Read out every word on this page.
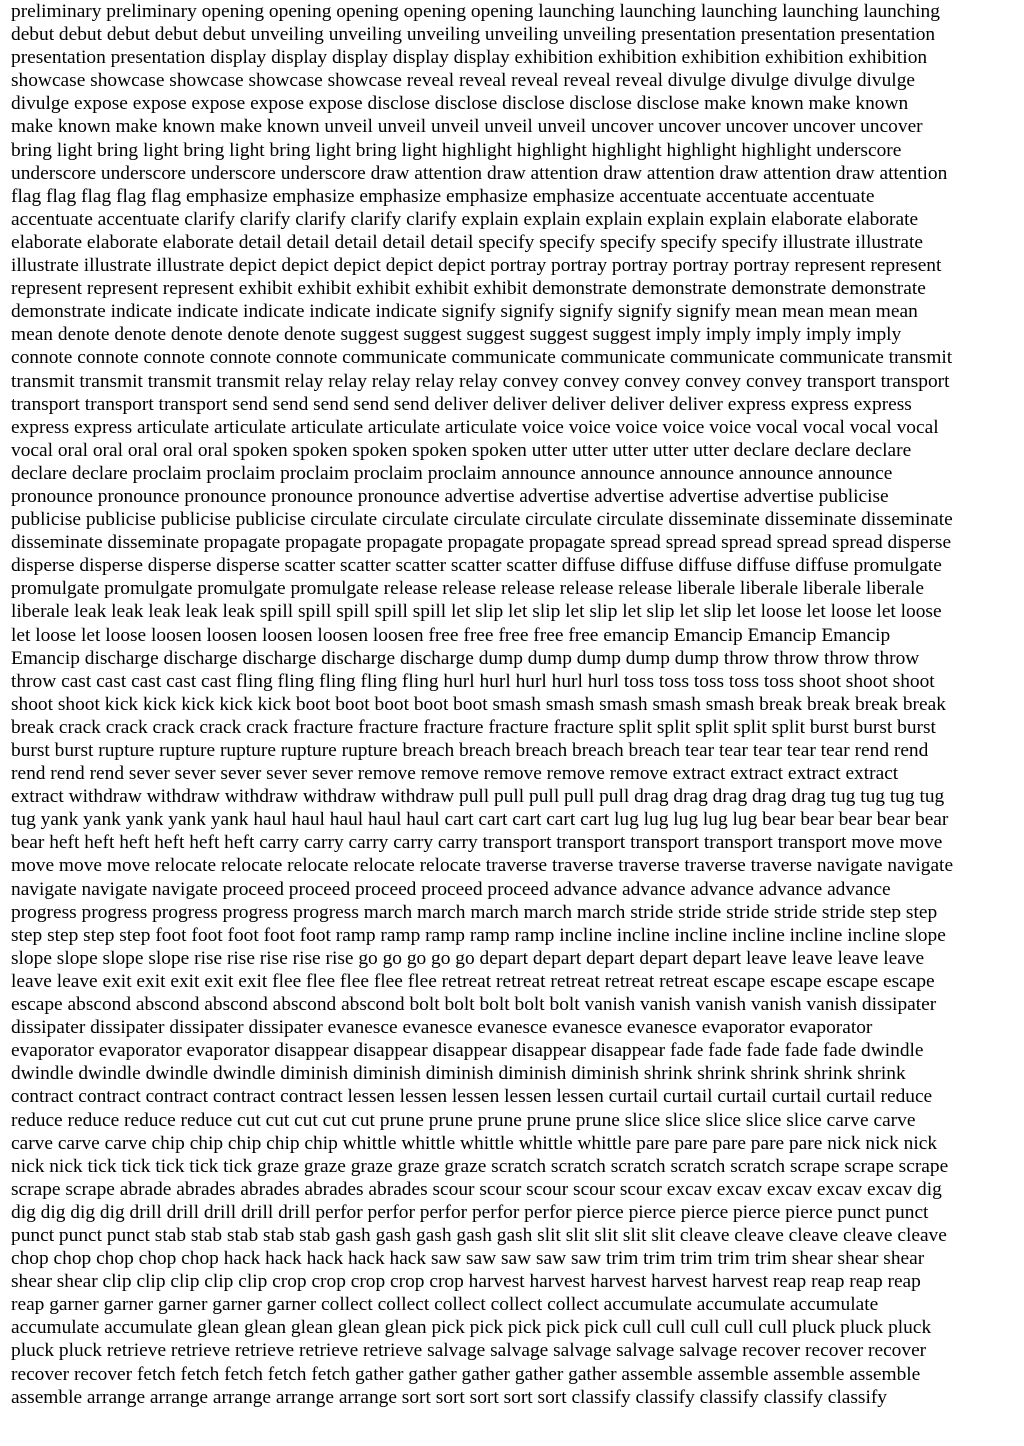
preliminary preliminary opening opening opening opening opening launching launching launching launching launching
debut debut debut debut debut unveiling unveiling unveiling unveiling unveiling presentation presentation presentation
presentation presentation display display display display display exhibition exhibition exhibition exhibition exhibition
showcase showcase showcase showcase showcase reveal reveal reveal reveal reveal divulge divulge divulge divulge
divulge expose expose expose expose expose disclose disclose disclose disclose disclose make known make known
make known make known make known unveil unveil unveil unveil unveil uncover uncover uncover uncover uncover
bring light bring light bring light bring light bring light highlight highlight highlight highlight highlight underscore
underscore underscore underscore underscore draw attention draw attention draw attention draw attention draw attention
flag flag flag flag flag emphasize emphasize emphasize emphasize emphasize accentuate accentuate accentuate
accentuate accentuate clarify clarify clarify clarify clarify explain explain explain explain explain elaborate elaborate
elaborate elaborate elaborate detail detail detail detail detail specify specify specify specify specify illustrate illustrate
illustrate illustrate illustrate depict depict depict depict depict portray portray portray portray portray represent represent
represent represent represent exhibit exhibit exhibit exhibit exhibit demonstrate demonstrate demonstrate demonstrate
demonstrate indicate indicate indicate indicate indicate signify signify signify signify signify mean mean mean mean
mean denote denote denote denote denote suggest suggest suggest suggest suggest imply imply imply imply imply
connote connote connote connote connote communicate communicate communicate communicate communicate transmit
transmit transmit transmit transmit relay relay relay relay relay convey convey convey convey convey transport transport
transport transport transport send send send send send deliver deliver deliver deliver deliver express express express
express express articulate articulate articulate articulate articulate voice voice voice voice voice vocal vocal vocal vocal
vocal oral oral oral oral oral spoken spoken spoken spoken spoken utter utter utter utter utter declare declare declare
declare declare proclaim proclaim proclaim proclaim proclaim announce announce announce announce announce
pronounce pronounce pronounce pronounce pronounce advertise advertise advertise advertise advertise publicise
publicise publicise publicise publicise circulate circulate circulate circulate circulate disseminate disseminate disseminate
disseminate disseminate propagate propagate propagate propagate propagate spread spread spread spread spread disperse
disperse disperse disperse disperse scatter scatter scatter scatter scatter diffuse diffuse diffuse diffuse diffuse promulgate
promulgate promulgate promulgate promulgate release release release release release liberale liberale liberale liberale
liberale leak leak leak leak leak spill spill spill spill spill let slip let slip let slip let slip let slip let loose let loose let loose
let loose let loose loosen loosen loosen loosen loosen free free free free free emancip Emancip Emancip Emancip
Emancip discharge discharge discharge discharge discharge dump dump dump dump dump throw throw throw throw
throw cast cast cast cast cast fling fling fling fling fling hurl hurl hurl hurl hurl toss toss toss toss toss shoot shoot shoot
shoot shoot kick kick kick kick kick boot boot boot boot boot smash smash smash smash smash break break break break
break crack crack crack crack crack fracture fracture fracture fracture fracture split split split split split burst burst burst
burst burst rupture rupture rupture rupture rupture breach breach breach breach breach tear tear tear tear tear rend rend
rend rend rend sever sever sever sever sever remove remove remove remove remove extract extract extract extract
extract withdraw withdraw withdraw withdraw withdraw pull pull pull pull pull drag drag drag drag drag tug tug tug tug
tug yank yank yank yank yank haul haul haul haul haul cart cart cart cart cart lug lug lug lug lug bear bear bear bear bear
bear heft heft heft heft heft heft carry carry carry carry carry transport transport transport transport transport move move
move move move relocate relocate relocate relocate relocate traverse traverse traverse traverse traverse navigate navigate
navigate navigate navigate proceed proceed proceed proceed proceed advance advance advance advance advance
progress progress progress progress progress march march march march march stride stride stride stride stride step step
step step step step foot foot foot foot foot ramp ramp ramp ramp ramp incline incline incline incline incline incline slope
slope slope slope slope rise rise rise rise rise go go go go go depart depart depart depart depart leave leave leave leave
leave leave exit exit exit exit exit flee flee flee flee flee retreat retreat retreat retreat retreat escape escape escape escape
escape abscond abscond abscond abscond abscond bolt bolt bolt bolt bolt vanish vanish vanish vanish vanish dissipater
dissipater dissipater dissipater dissipater evanesce evanesce evanesce evanesce evanesce evaporator evaporator
evaporator evaporator evaporator disappear disappear disappear disappear disappear fade fade fade fade fade dwindle
dwindle dwindle dwindle dwindle diminish diminish diminish diminish diminish shrink shrink shrink shrink shrink
contract contract contract contract contract lessen lessen lessen lessen lessen curtail curtail curtail curtail curtail reduce
reduce reduce reduce reduce cut cut cut cut cut prune prune prune prune prune slice slice slice slice slice carve carve
carve carve carve chip chip chip chip chip whittle whittle whittle whittle whittle pare pare pare pare pare nick nick nick
nick nick tick tick tick tick tick graze graze graze graze graze scratch scratch scratch scratch scratch scrape scrape scrape
scrape scrape abrade abrades abrades abrades abrades scour scour scour scour scour excav excav excav excav excav dig
dig dig dig dig drill drill drill drill drill perfor perfor perfor perfor perfor pierce pierce pierce pierce pierce punct punct
punct punct punct stab stab stab stab stab gash gash gash gash gash slit slit slit slit slit cleave cleave cleave cleave cleave
chop chop chop chop chop hack hack hack hack hack saw saw saw saw saw trim trim trim trim trim shear shear shear
shear shear clip clip clip clip clip crop crop crop crop crop harvest harvest harvest harvest harvest reap reap reap reap
reap garner garner garner garner garner collect collect collect collect collect accumulate accumulate accumulate
accumulate accumulate glean glean glean glean glean pick pick pick pick pick cull cull cull cull cull pluck pluck pluck
pluck pluck retrieve retrieve retrieve retrieve retrieve salvage salvage salvage salvage salvage recover recover recover
recover recover fetch fetch fetch fetch fetch gather gather gather gather gather assemble assemble assemble assemble
assemble arrange arrange arrange arrange arrange sort sort sort sort sort classify classify classify classify classify
